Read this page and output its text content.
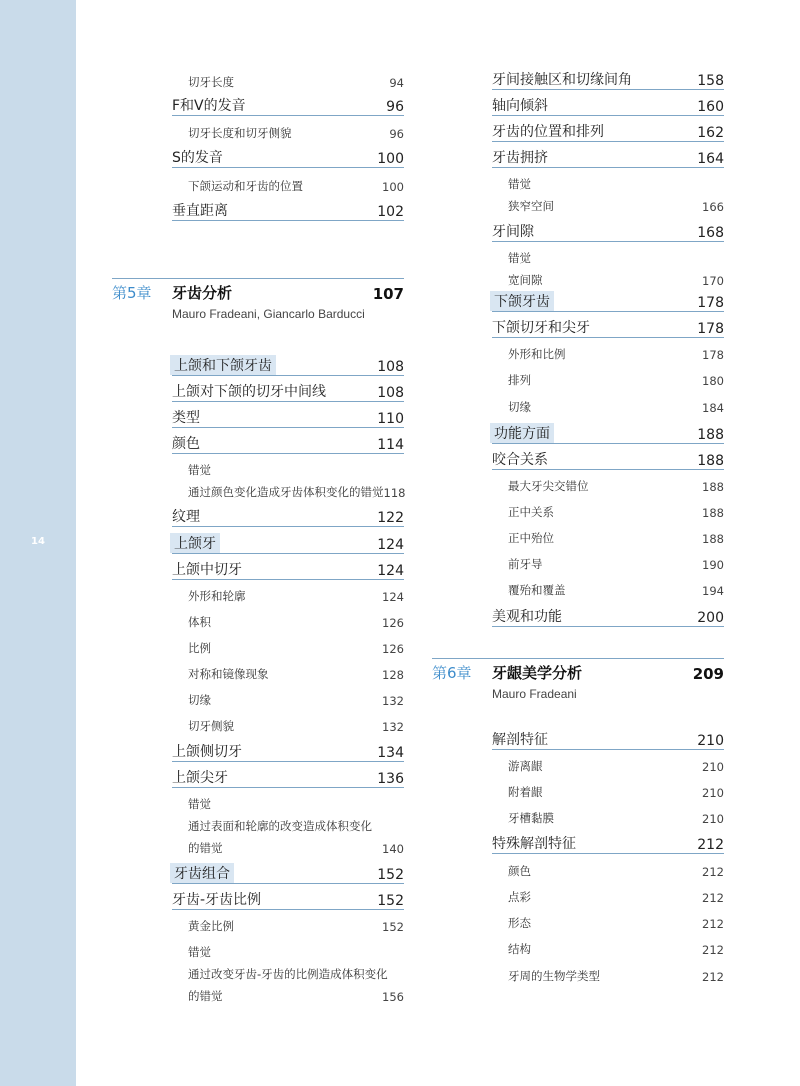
14
切牙长度	94
F和V的发音	96
切牙长度和切牙侧貌	96
S的发音	100
下颌运动和牙齿的位置	100
垂直距离	102
上颌和下颌牙齿	108
上颌对下颌的切牙中间线	108
类型	110
颜色	114
错觉
通过颜色变化造成牙齿体积变化的错觉 118
纹理	122
上颌牙	124
上颌中切牙	124
外形和轮廓	124
体积	126
比例	126
对称和镜像现象	128
切缘	132
切牙侧貌	132
上颌侧切牙	134
上颌尖牙	136
错觉
通过表面和轮廓的改变造成体积变化
的错觉	140
牙齿组合	152
牙齿-牙齿比例	152
黄金比例	152
错觉
通过改变牙齿-牙齿的比例造成体积变化
的错觉	156
牙间接触区和切缘间角	158
轴向倾斜	160
牙齿的位置和排列	162
牙齿拥挤	164
错觉
狭窄空间	166
牙间隙	168
错觉
宽间隙	170
下颌牙齿	178
下颌切牙和尖牙	178
外形和比例	178
排列	180
切缘	184
功能方面	188
咬合关系	188
最大牙尖交错位	188
正中关系	188
正中殆位	188
前牙导	190
覆殆和覆盖	194
美观和功能	200
解剖特征	210
游离龈	210
附着龈	210
牙槽黏膜	210
特殊解剖特征	212
颜色	212
点彩	212
形态	212
结构	212
牙周的生物学类型	212
第5章 牙齿分析	107
Mauro Fradeani, Giancarlo Barducci
第6章 牙龈美学分析	209
Mauro Fradeani
